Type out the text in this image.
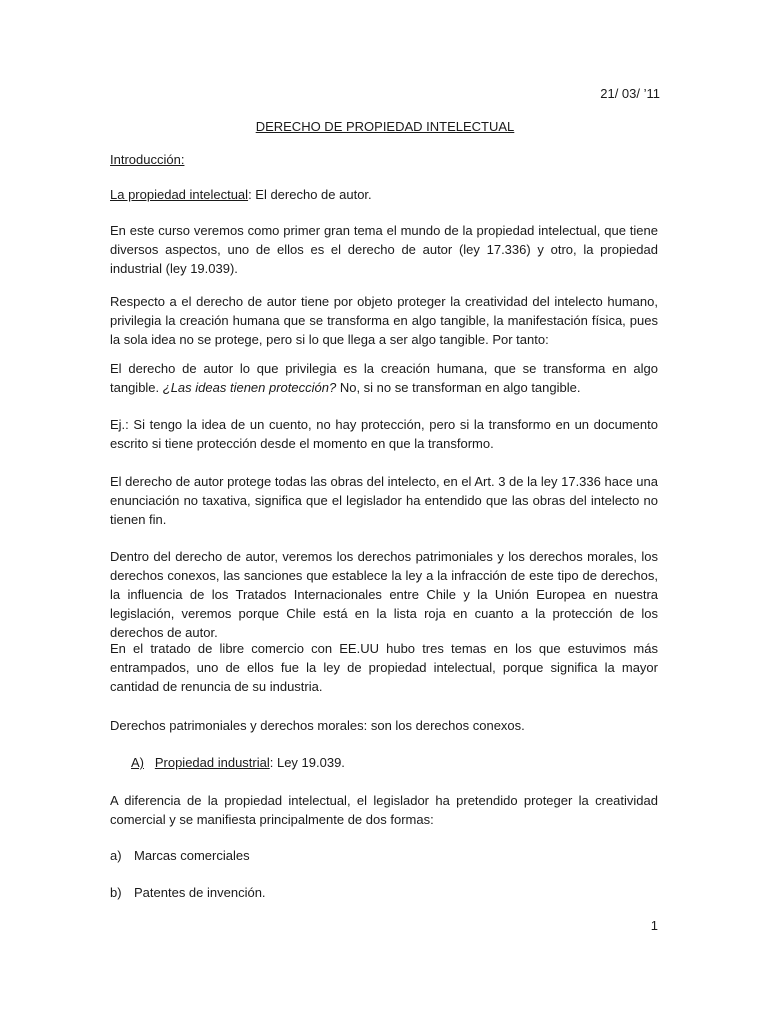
21/ 03/ ’11
DERECHO DE PROPIEDAD INTELECTUAL
Introducción:
La propiedad intelectual: El derecho de autor.
En este curso veremos como primer gran tema el mundo de la propiedad intelectual, que tiene diversos aspectos, uno de ellos es el derecho de autor (ley 17.336) y otro, la propiedad industrial (ley 19.039).
Respecto a el derecho de autor tiene por objeto proteger la creatividad del intelecto humano, privilegia la creación humana que se transforma en algo tangible, la manifestación física, pues la sola idea no se protege, pero si lo que llega a ser algo tangible. Por tanto:
El derecho de autor lo que privilegia es la creación humana, que se transforma en algo tangible. ¿Las ideas tienen protección? No, si no se transforman en algo tangible.
Ej.: Si tengo la idea de un cuento, no hay protección, pero si la transformo en un documento escrito si tiene protección desde el momento en que la transformo.
El derecho de autor protege todas las obras del intelecto, en el Art. 3 de la ley 17.336 hace una enunciación no taxativa, significa que el legislador ha entendido que las obras del intelecto no tienen fin.
Dentro del derecho de autor, veremos los derechos patrimoniales y los derechos morales, los derechos conexos, las sanciones que establece la ley a la infracción de este tipo de derechos, la influencia de los Tratados Internacionales entre Chile y la Unión Europea en nuestra legislación, veremos porque Chile está en la lista roja en cuanto a la protección de los derechos de autor.
En el tratado de libre comercio con EE.UU hubo tres temas en los que estuvimos más entrampados, uno de ellos fue la ley de propiedad intelectual, porque significa la mayor cantidad de renuncia de su industria.
Derechos patrimoniales y derechos morales: son los derechos conexos.
A) Propiedad industrial: Ley 19.039.
A diferencia de la propiedad intelectual, el legislador ha pretendido proteger la creatividad comercial y se manifiesta principalmente de dos formas:
a) Marcas comerciales
b) Patentes de invención.
1
